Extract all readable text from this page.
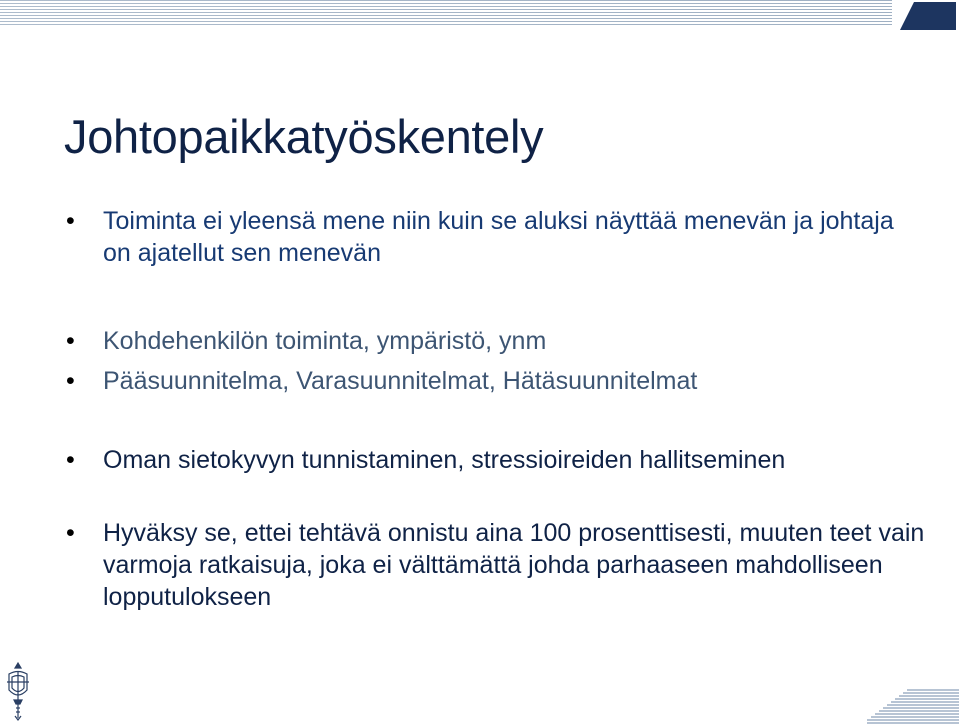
Johtopaikkatyöskentely
• Toiminta ei yleensä mene niin kuin se aluksi näyttää menevän ja johtaja on ajatellut sen menevän
• Kohdehenkilön toiminta, ympäristö, ynm
• Pääsuunnitelma, Varasuunnitelmat, Hätäsuunnitelmat
• Oman sietokyvyn tunnistaminen, stressioireiden hallitseminen
• Hyväksy se, ettei tehtävä onnistu aina 100 prosenttisesti, muuten teet vain varmoja ratkaisuja, joka ei välttämättä johda parhaaseen mahdolliseen lopputulokseen
